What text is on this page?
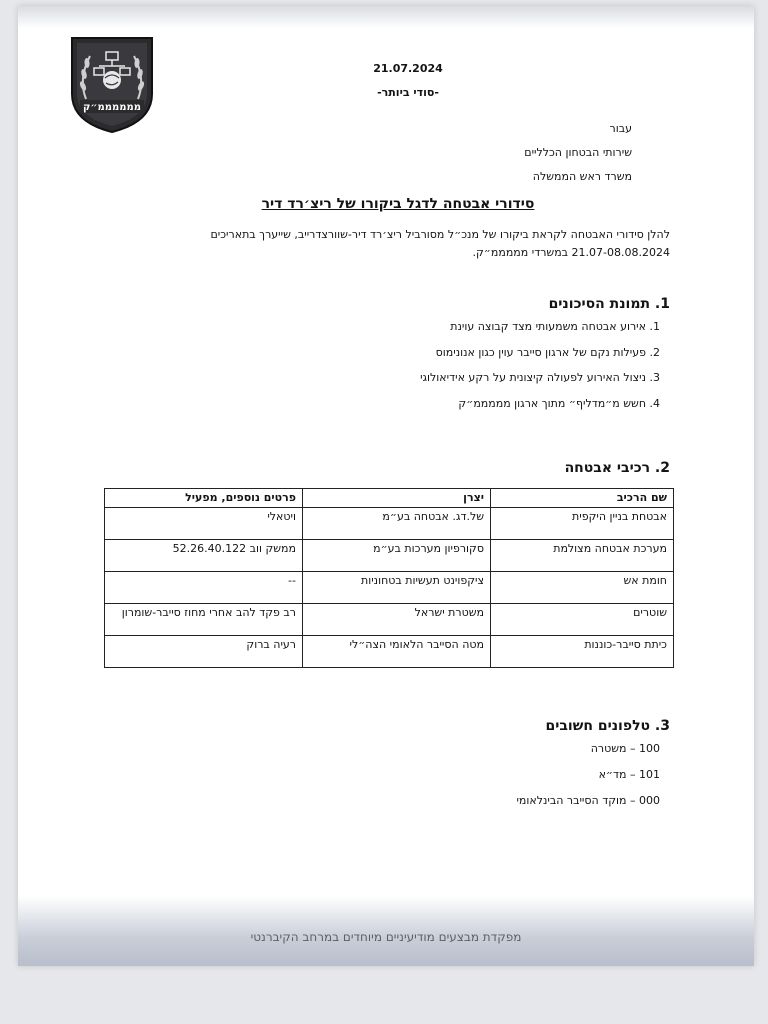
ממממממ״ק
21.07.2024
-סודי ביותר-
עבור
שירותי הבטחון הכלליים
משרד ראש הממשלה
סידורי אבטחה לדגל ביקורו של ריצ׳רד דיר
להלן סידורי האבטחה לקראת ביקורו של מנכ״ל מסורביל ריצ׳רד דיר-שוורצדרייב, שייערך בתאריכים
21.07-08.08.2024 במשרדי מממממ״ק.
1. תמונת הסיכונים
1. אירוע אבטחה משמעותי מצד קבוצה עוינת
2. פעילות נקם של ארגון סייבר עוין כגון אנונימוס
3. ניצול האירוע לפעולה קיצונית על רקע אידיאולוגי
4. חשש מ״מדליף״ מתוך ארגון מממממ״ק
2. רכיבי אבטחה
שם הרכיב	יצרן	פרטים נוספים, מפעיל
אבטחת בניין היקפית	של.דג. אבטחה בע״מ	ויטאלי
מערכת אבטחה מצולמת	סקורפיון מערכות בע״מ	ממשק ווב 52.26.40.122
חומת אש	ציקפוינט תעשיות בטחוניות	--
שוטרים	משטרת ישראל	רב פקד להב אחרי מחוז סייבר-שומרון
כיתת סייבר-כוננות	מטה הסייבר הלאומי הצה״לי	רעיה ברוק
3. טלפונים חשובים
100 – משטרה
101 – מד״א
000 – מוקד הסייבר הבינלאומי
מפקדת מבצעים מודיעיניים מיוחדים במרחב הקיברנטי
